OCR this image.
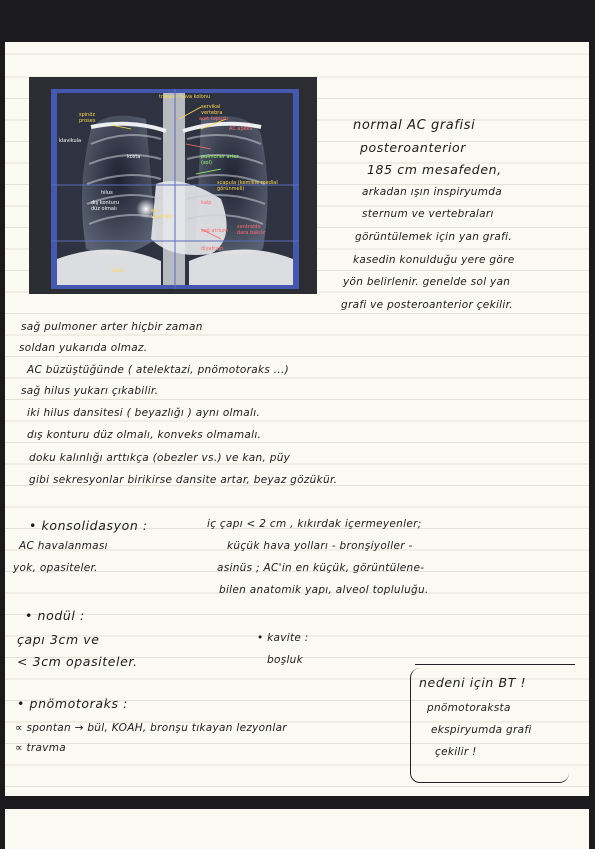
trakea / hava kolonu
servikal vertebra
spinöz proses
AC apeks
klavikula
pulmoner arter (sol)
kosta
scapula (kemikle medial görünmeli)
hilus
dış konturu düz olmalı	sol ventrikül
kalp
aort topuzu
sağ atrium
santralde dara bakılır
diyafram
sinüs
normal AC grafisi
posteroanterior
185 cm mesafeden,
arkadan ışın inspiryumda
sternum ve vertebraları
görüntülemek için yan grafi.
kasedin konulduğu yere göre
yön belirlenir. genelde sol yan
grafi ve posteroanterior çekilir.
sağ pulmoner arter hiçbir zaman
soldan yukarıda olmaz.
AC büzüştüğünde ( atelektazi, pnömotoraks ...)
sağ hilus yukarı çıkabilir.
iki hilus dansitesi ( beyazlığı ) aynı olmalı.
dış konturu düz olmalı, konveks olmamalı.
doku kalınlığı arttıkça (obezler vs.) ve kan, püy
gibi sekresyonlar birikirse dansite artar, beyaz gözükür.
• konsolidasyon :
AC havalanması
yok, opasiteler.
iç çapı < 2 cm , kıkırdak içermeyenler;
küçük hava yolları - bronşiyoller -
asinüs ; AC'in en küçük, görüntülene-
bilen anatomik yapı, alveol topluluğu.
• nodül :
çapı 3cm ve
< 3cm opasiteler.
• kavite :
boşluk
• pnömotoraks :
∝ spontan → bül, KOAH, bronşu tıkayan lezyonlar
∝ travma
nedeni için BT !
pnömotoraksta
ekspiryumda grafi
çekilir !
